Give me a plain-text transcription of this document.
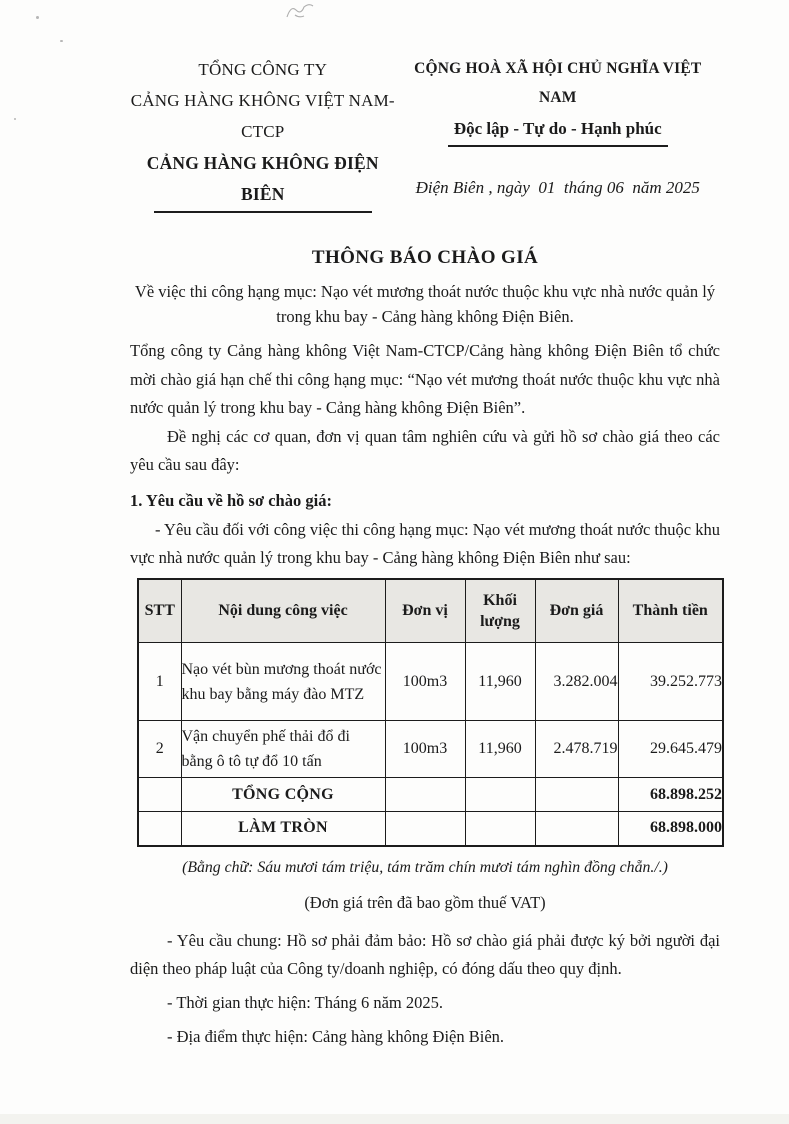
TỔNG CÔNG TY
CẢNG HÀNG KHÔNG VIỆT NAM-CTCP
CẢNG HÀNG KHÔNG ĐIỆN BIÊN
CỘNG HOÀ XÃ HỘI CHỦ NGHĨA VIỆT NAM
Độc lập - Tự do - Hạnh phúc
Điện Biên , ngày  01  tháng 06  năm 2025
THÔNG BÁO CHÀO GIÁ
Về việc thi công hạng mục: Nạo vét mương thoát nước thuộc khu vực nhà nước quản lý trong khu bay - Cảng hàng không Điện Biên.

Tổng công ty Cảng hàng không Việt Nam-CTCP/Cảng hàng không Điện Biên tổ chức mời chào giá hạn chế thi công hạng mục: “Nạo vét mương thoát nước thuộc khu vực nhà nước quản lý trong khu bay - Cảng hàng không Điện Biên”.

Đề nghị các cơ quan, đơn vị quan tâm nghiên cứu và gửi hồ sơ chào giá theo các yêu cầu sau đây:

1. Yêu cầu về hồ sơ chào giá:

- Yêu cầu đối với công việc thi công hạng mục: Nạo vét mương thoát nước thuộc khu vực nhà nước quản lý trong khu bay - Cảng hàng không Điện Biên như sau:

STT	Nội dung công việc	Đơn vị	Khối lượng	Đơn giá	Thành tiền
1	Nạo vét bùn mương thoát nước khu bay bằng máy đào MTZ	100m3	11,960	3.282.004	39.252.773
2	Vận chuyển phế thải đổ đi bằng ô tô tự đổ 10 tấn	100m3	11,960	2.478.719	29.645.479
	TỔNG CỘNG				68.898.252
	LÀM TRÒN				68.898.000
(Bằng chữ: Sáu mươi tám triệu, tám trăm chín mươi tám nghìn đồng chẵn./.)
(Đơn giá trên đã bao gồm thuế VAT)

- Yêu cầu chung: Hồ sơ phải đảm bảo: Hồ sơ chào giá phải được ký bởi người đại diện theo pháp luật của Công ty/doanh nghiệp, có đóng dấu theo quy định.

- Thời gian thực hiện: Tháng 6 năm 2025.

- Địa điểm thực hiện: Cảng hàng không Điện Biên.
